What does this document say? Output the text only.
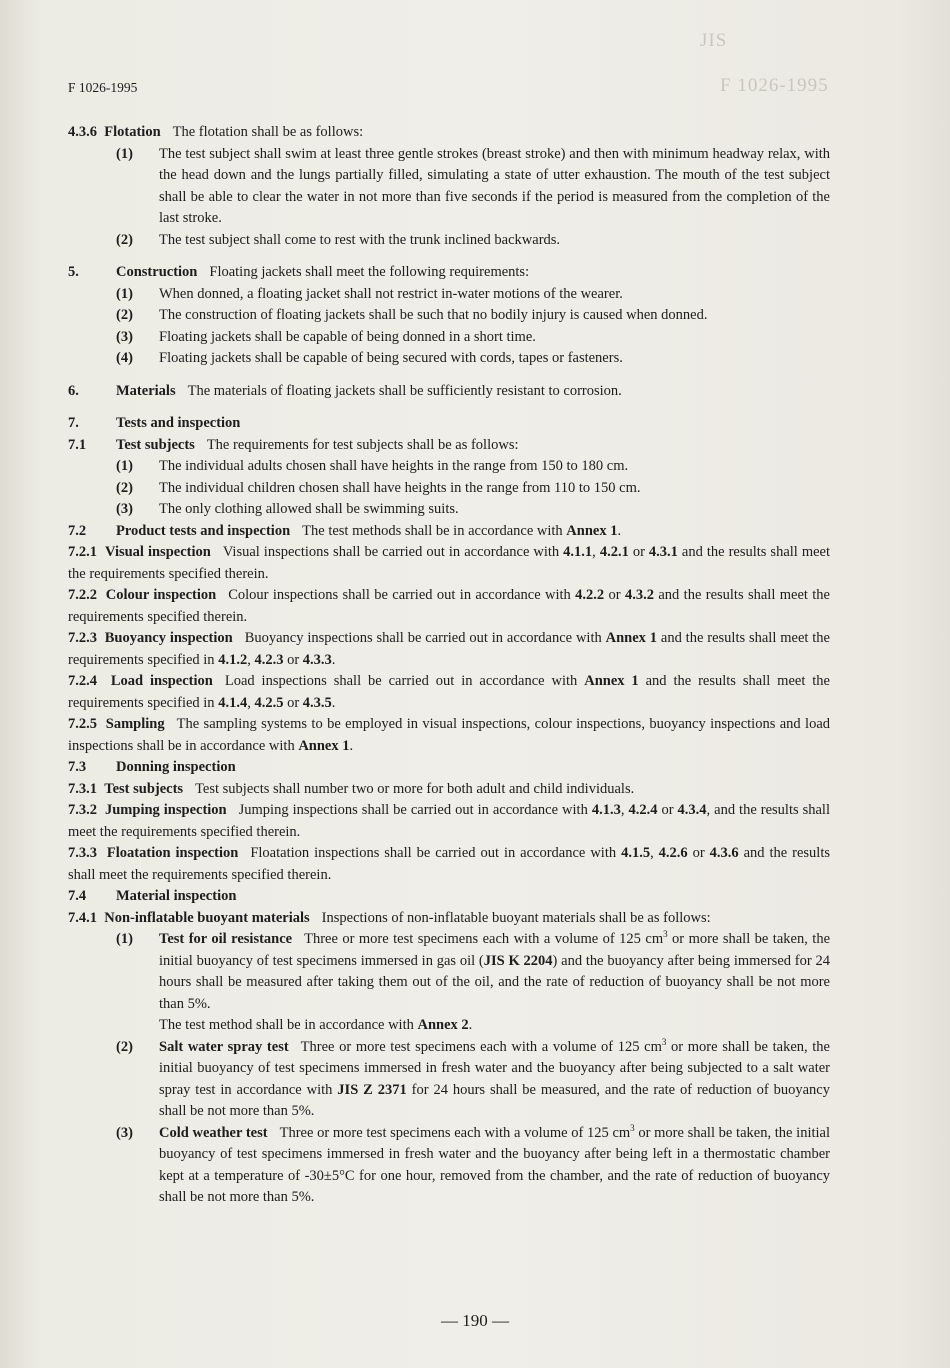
JIS
F 1026-1995
F 1026-1995

4.3.6 Flotation The flotation shall be as follows:

(1) The test subject shall swim at least three gentle strokes (breast stroke) and then with minimum headway relax, with the head down and the lungs partially filled, simulating a state of utter exhaustion. The mouth of the test subject shall be able to clear the water in not more than five seconds if the period is measured from the completion of the last stroke.

(2) The test subject shall come to rest with the trunk inclined backwards.

5.	Construction Floating jackets shall meet the following requirements:

(1) When donned, a floating jacket shall not restrict in-water motions of the wearer.

(2) The construction of floating jackets shall be such that no bodily injury is caused when donned.

(3) Floating jackets shall be capable of being donned in a short time.

(4) Floating jackets shall be capable of being secured with cords, tapes or fasteners.

6.	Materials The materials of floating jackets shall be sufficiently resistant to corrosion.

7.	Tests and inspection

7.1 Test subjects The requirements for test subjects shall be as follows:

(1) The individual adults chosen shall have heights in the range from 150 to 180 cm.

(2) The individual children chosen shall have heights in the range from 110 to 150 cm.

(3) The only clothing allowed shall be swimming suits.

7.2 Product tests and inspection The test methods shall be in accordance with Annex 1.

7.2.1 Visual inspection Visual inspections shall be carried out in accordance with 4.1.1, 4.2.1 or 4.3.1 and the results shall meet the requirements specified therein.

7.2.2 Colour inspection Colour inspections shall be carried out in accordance with 4.2.2 or 4.3.2 and the results shall meet the requirements specified therein.

7.2.3 Buoyancy inspection Buoyancy inspections shall be carried out in accordance with Annex 1 and the results shall meet the requirements specified in 4.1.2, 4.2.3 or 4.3.3.

7.2.4 Load inspection Load inspections shall be carried out in accordance with Annex 1 and the results shall meet the requirements specified in 4.1.4, 4.2.5 or 4.3.5.

7.2.5 Sampling The sampling systems to be employed in visual inspections, colour inspections, buoyancy inspections and load inspections shall be in accordance with Annex 1.

7.3 Donning inspection

7.3.1 Test subjects Test subjects shall number two or more for both adult and child individuals.

7.3.2 Jumping inspection Jumping inspections shall be carried out in accordance with 4.1.3, 4.2.4 or 4.3.4, and the results shall meet the requirements specified therein.

7.3.3 Floatation inspection Floatation inspections shall be carried out in accordance with 4.1.5, 4.2.6 or 4.3.6 and the results shall meet the requirements specified therein.

7.4 Material inspection

7.4.1 Non-inflatable buoyant materials Inspections of non-inflatable buoyant materials shall be as follows:

(1) Test for oil resistance Three or more test specimens each with a volume of 125 $cm^3$ or more shall be taken, the initial buoyancy of test specimens immersed in gas oil (JIS K 2204) and the buoyancy after being immersed for 24 hours shall be measured after taking them out of the oil, and the rate of reduction of buoyancy shall be not more than 5%.

The test method shall be in accordance with Annex 2.

(2) Salt water spray test Three or more test specimens each with a volume of 125 $cm^3$ or more shall be taken, the initial buoyancy of test specimens immersed in fresh water and the buoyancy after being subjected to a salt water spray test in accordance with JIS Z 2371 for 24 hours shall be measured, and the rate of reduction of buoyancy shall be not more than 5%.

(3) Cold weather test Three or more test specimens each with a volume of 125 $cm^3$ or more shall be taken, the initial buoyancy of test specimens immersed in fresh water and the buoyancy after being left in a thermostatic chamber kept at a temperature of -30±5°C for one hour, removed from the chamber, and the rate of reduction of buoyancy shall be not more than 5%.

— 190 —
